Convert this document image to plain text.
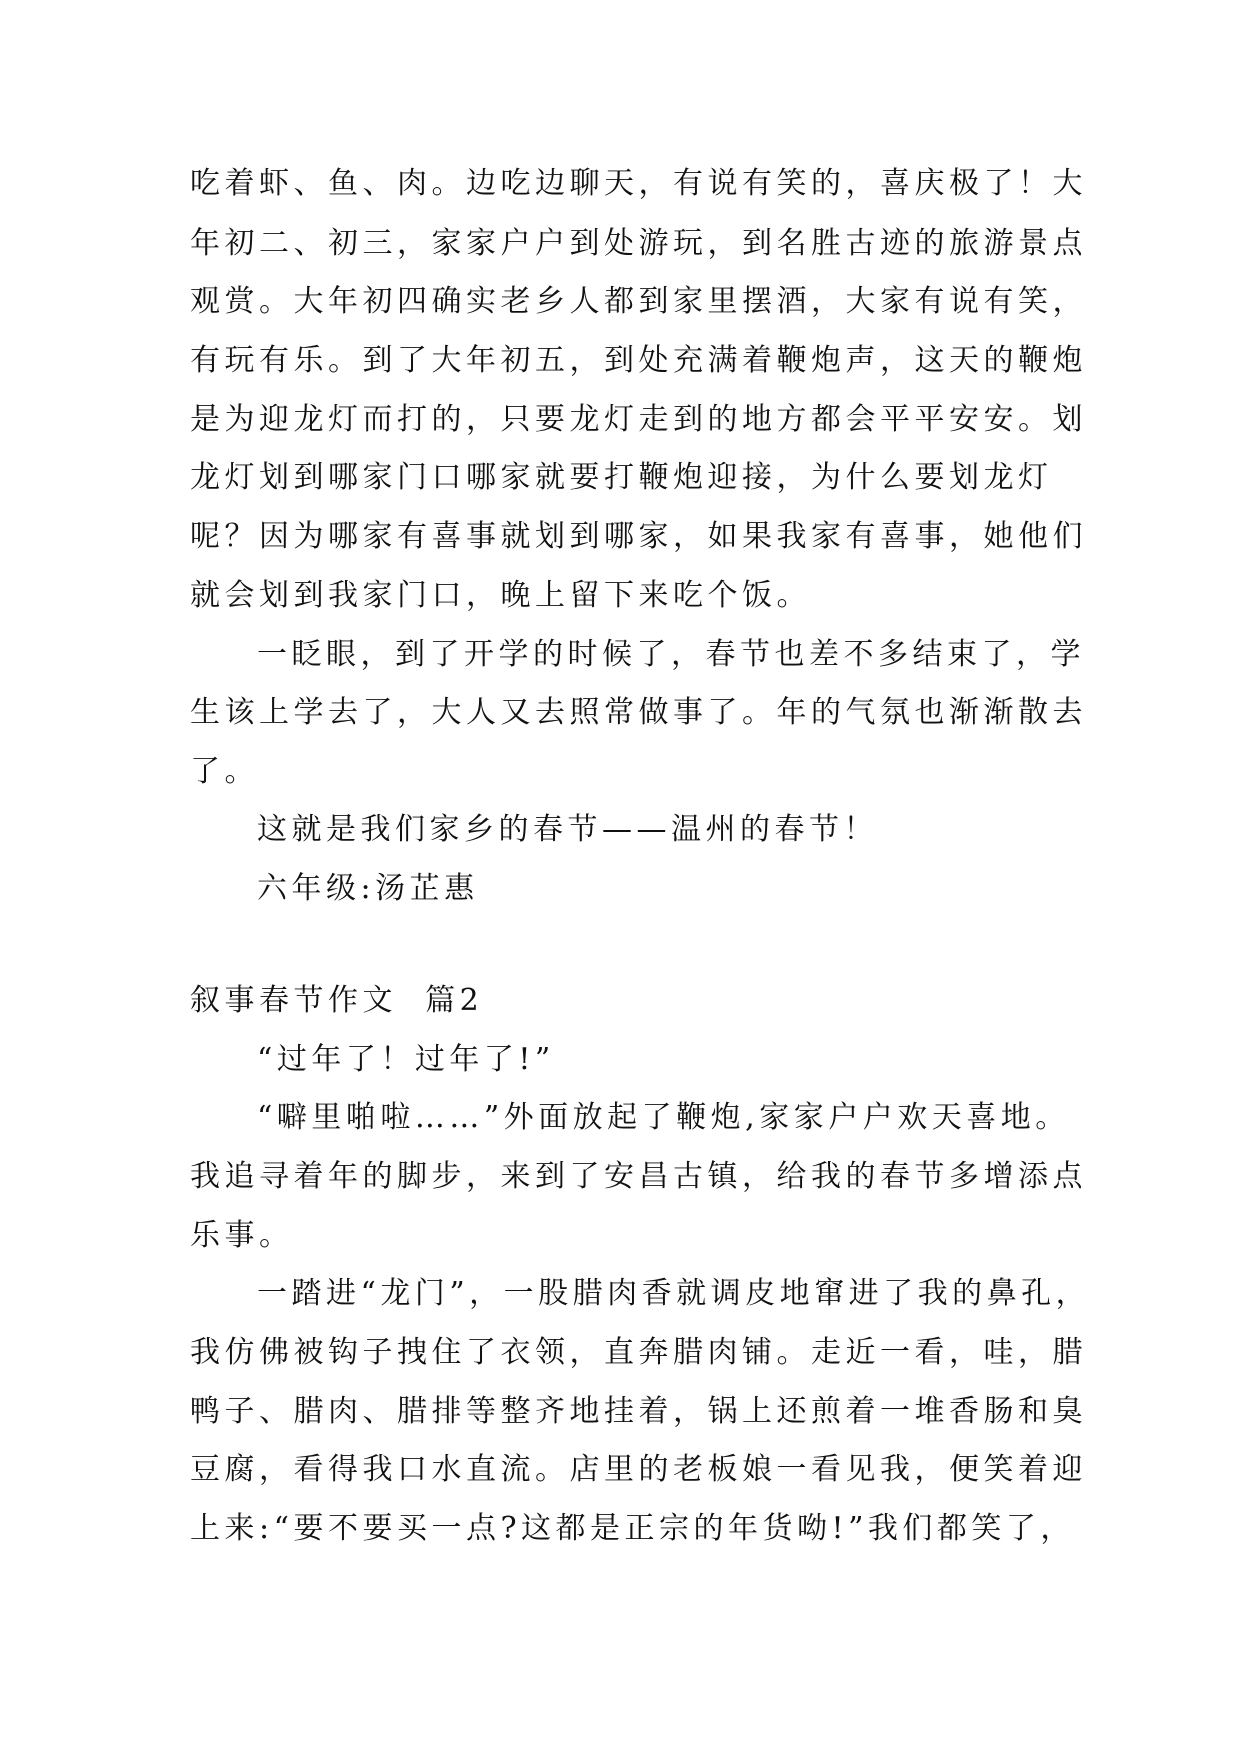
吃着虾、鱼、肉。边吃边聊天，有说有笑的，喜庆极了！大
年初二、初三，家家户户到处游玩，到名胜古迹的旅游景点
观赏。大年初四确实老乡人都到家里摆酒，大家有说有笑，
有玩有乐。到了大年初五，到处充满着鞭炮声，这天的鞭炮
是为迎龙灯而打的，只要龙灯走到的地方都会平平安安。划
龙灯划到哪家门口哪家就要打鞭炮迎接，为什么要划龙灯
呢？因为哪家有喜事就划到哪家，如果我家有喜事，她他们
就会划到我家门口，晚上留下来吃个饭。
一眨眼，到了开学的时候了，春节也差不多结束了，学
生该上学去了，大人又去照常做事了。年的气氛也渐渐散去
了。
这就是我们家乡的春节——温州的春节！
六年级:汤芷惠
叙事春节作文  篇2
“过年了！过年了!”
“噼里啪啦……”外面放起了鞭炮,家家户户欢天喜地。
我追寻着年的脚步，来到了安昌古镇，给我的春节多增添点
乐事。
一踏进“龙门”，一股腊肉香就调皮地窜进了我的鼻孔，
我仿佛被钩子拽住了衣领，直奔腊肉铺。走近一看，哇，腊
鸭子、腊肉、腊排等整齐地挂着，锅上还煎着一堆香肠和臭
豆腐，看得我口水直流。店里的老板娘一看见我，便笑着迎
上来:“要不要买一点?这都是正宗的年货呦!”我们都笑了，
